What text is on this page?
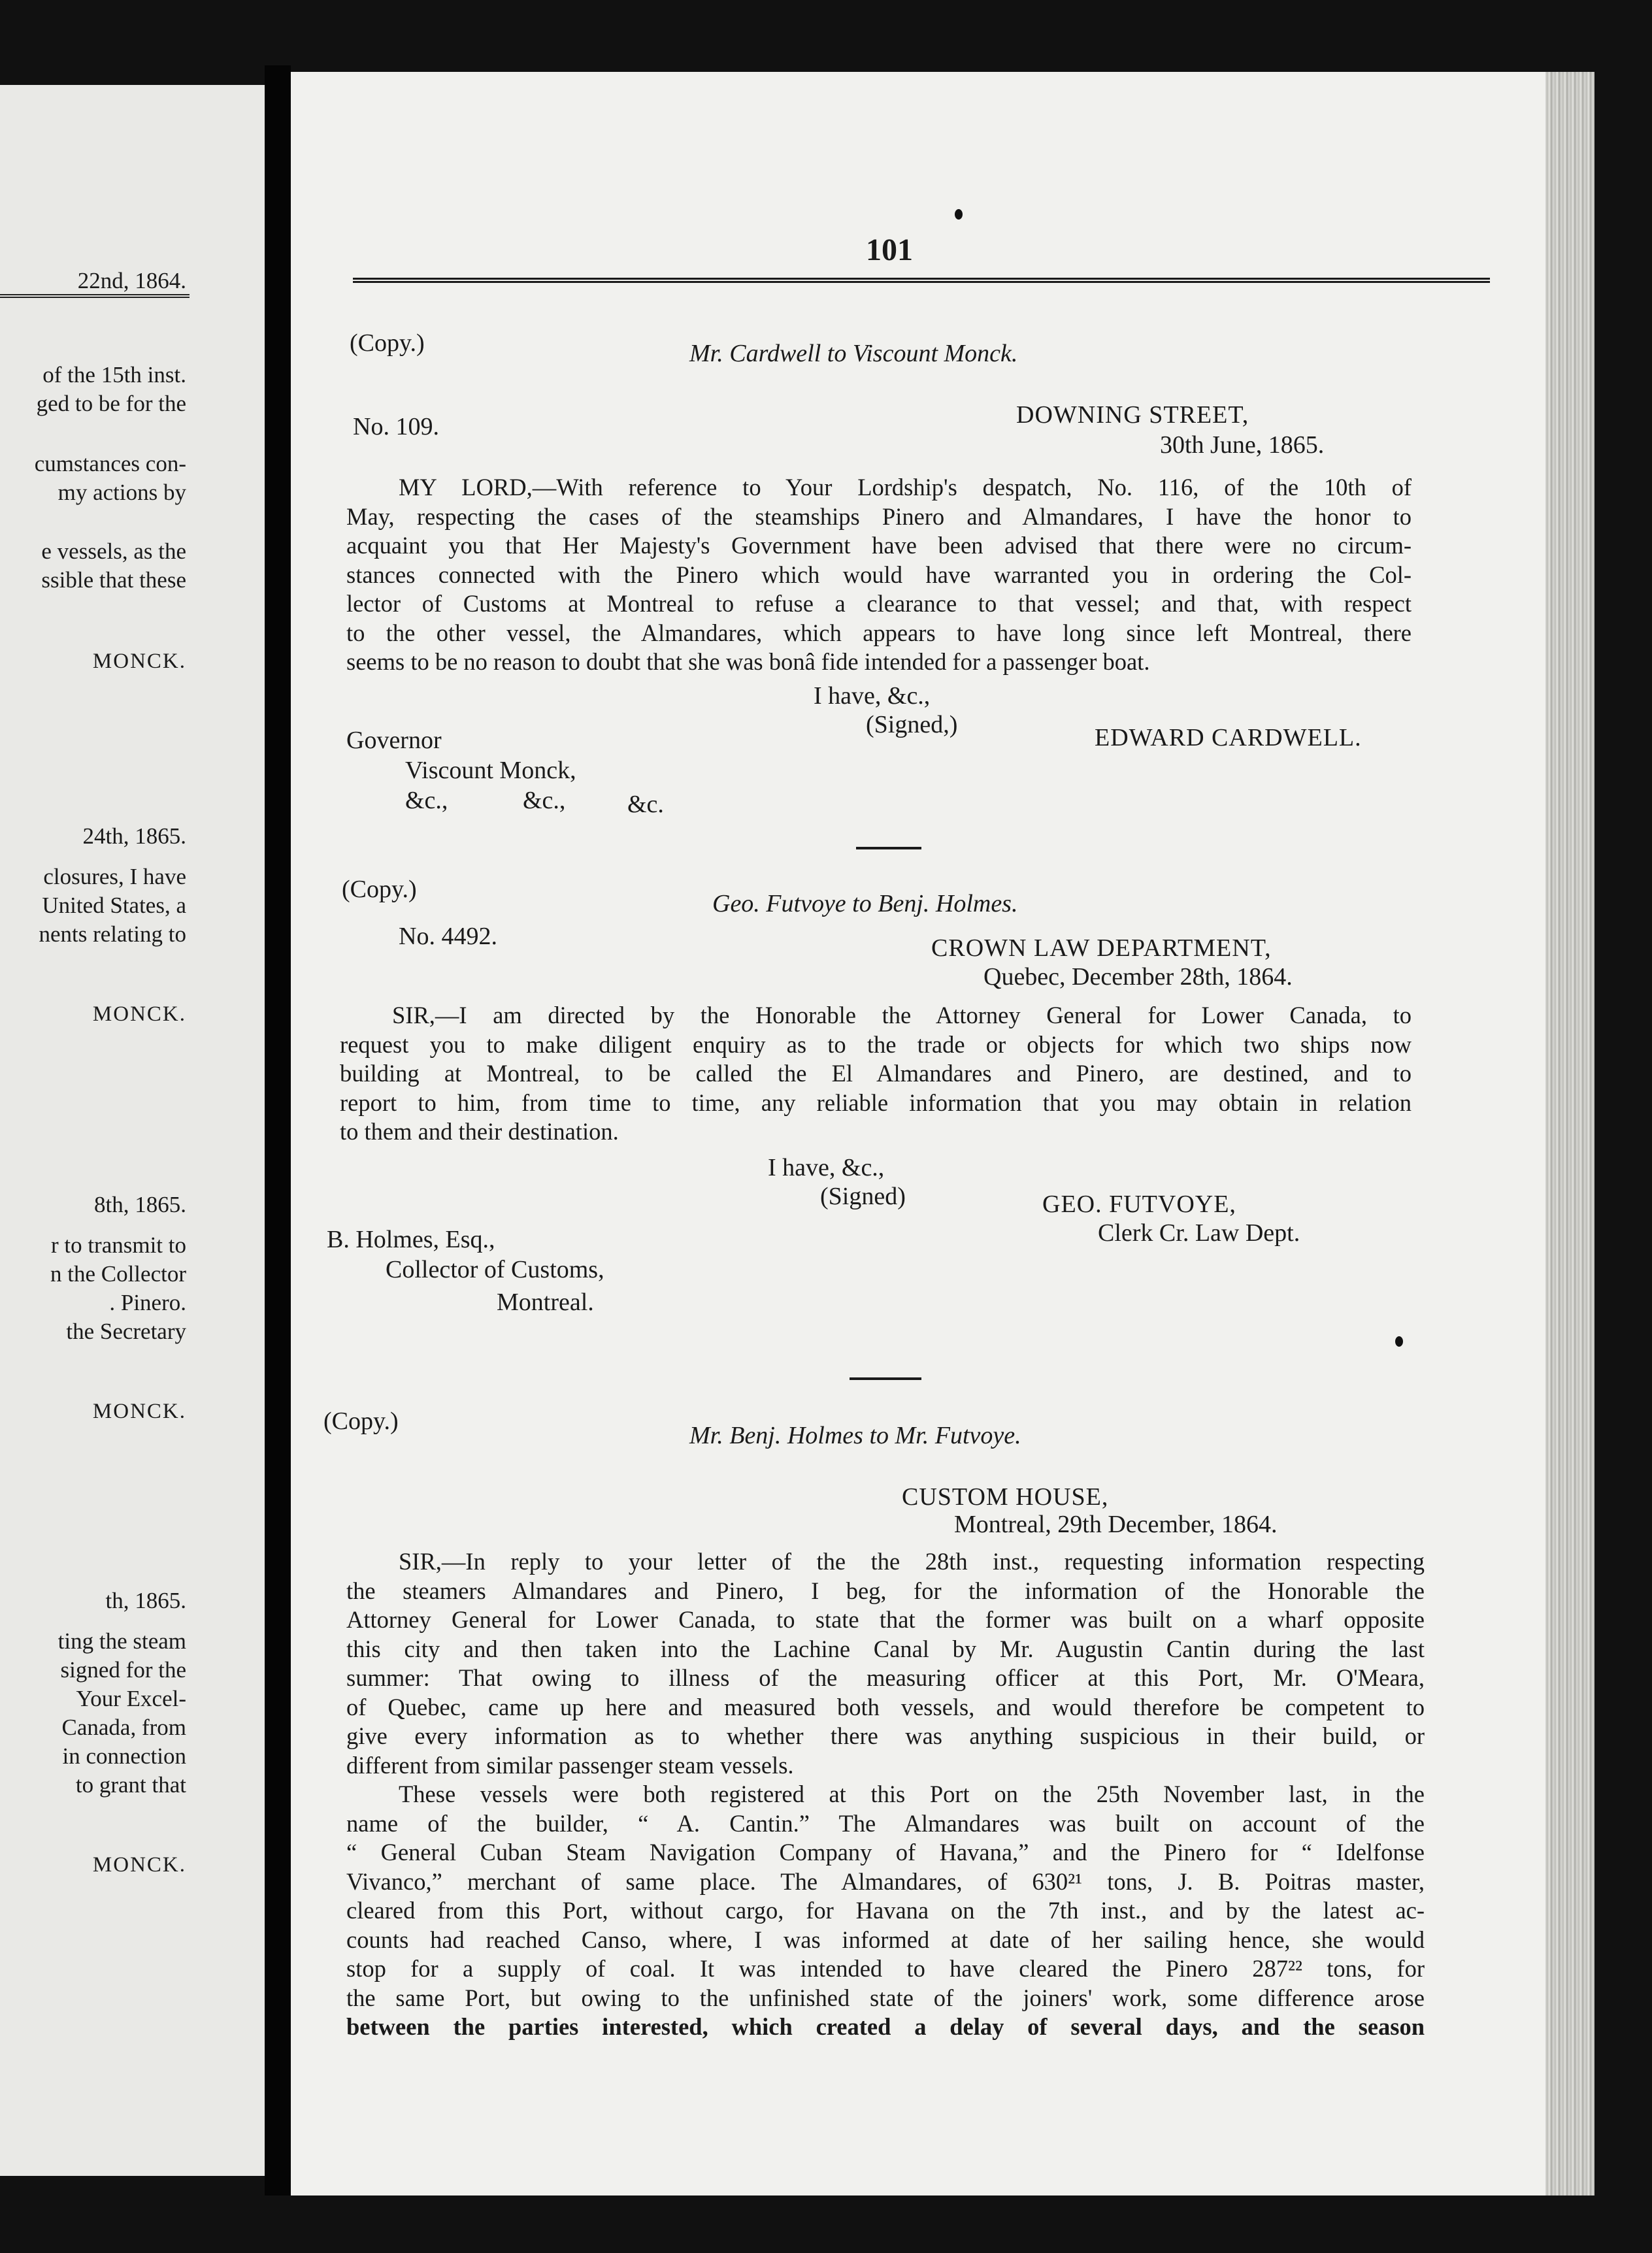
22nd, 1864.
of the 15th inst.
ged to be for the
cumstances con-
my actions by
e vessels, as the
ssible that these
MONCK.
24th, 1865.
closures, I have
United States, a
nents relating to
MONCK.
8th, 1865.
r to transmit to
n the Collector
. Pinero.
the Secretary
MONCK.
th, 1865.
ting the steam
signed for the
Your Excel-
Canada, from
in connection
to grant that
MONCK.
101
(Copy.)	Mr. Cardwell to Viscount Monck.
No. 109.	DOWNING STREET,
30th June, 1865.
MY LORD,—With reference to Your Lordship's despatch, No. 116, of the 10th of
May, respecting the cases of the steamships Pinero and Almandares, I have the honor to
acquaint you that Her Majesty's Government have been advised that there were no circum-
stances connected with the Pinero which would have warranted you in ordering the Col-
lector of Customs at Montreal to refuse a clearance to that vessel; and that, with respect
to the other vessel, the Almandares, which appears to have long since left Montreal, there
seems to be no reason to doubt that she was bonâ fide intended for a passenger boat.
I have, &c.,
(Signed,)	EDWARD CARDWELL.
Governor
Viscount Monck,
&c.,	&c., &c.
(Copy.)
Geo. Futvoye to Benj. Holmes.
No. 4492.	CROWN LAW DEPARTMENT,
Quebec, December 28th, 1864.
SIR,—I am directed by the Honorable the Attorney General for Lower Canada, to
request you to make diligent enquiry as to the trade or objects for which two ships now
building at Montreal, to be called the El Almandares and Pinero, are destined, and to
report to him, from time to time, any reliable information that you may obtain in relation
to them and their destination.
I have, &c.,
(Signed)	GEO. FUTVOYE,
Clerk Cr. Law Dept.
B. Holmes, Esq.,
Collector of Customs,
Montreal.
(Copy.)
Mr. Benj. Holmes to Mr. Futvoye.
CUSTOM HOUSE,
Montreal, 29th December, 1864.
SIR,—In reply to your letter of the the 28th inst., requesting information respecting
the steamers Almandares and Pinero, I beg, for the information of the Honorable the
Attorney General for Lower Canada, to state that the former was built on a wharf opposite
this city and then taken into the Lachine Canal by Mr. Augustin Cantin during the last
summer: That owing to illness of the measuring officer at this Port, Mr. O'Meara,
of Quebec, came up here and measured both vessels, and would therefore be competent to
give every information as to whether there was anything suspicious in their build, or
different from similar passenger steam vessels.
These vessels were both registered at this Port on the 25th November last, in the
name of the builder, “ A. Cantin.” The Almandares was built on account of the
“ General Cuban Steam Navigation Company of Havana,” and the Pinero for “ Idelfonse
Vivanco,” merchant of same place. The Almandares, of 630²¹ tons, J. B. Poitras master,
cleared from this Port, without cargo, for Havana on the 7th inst., and by the latest ac-
counts had reached Canso, where, I was informed at date of her sailing hence, she would
stop for a supply of coal. It was intended to have cleared the Pinero 287²² tons, for
the same Port, but owing to the unfinished state of the joiners' work, some difference arose
between the parties interested, which created a delay of several days, and the season
